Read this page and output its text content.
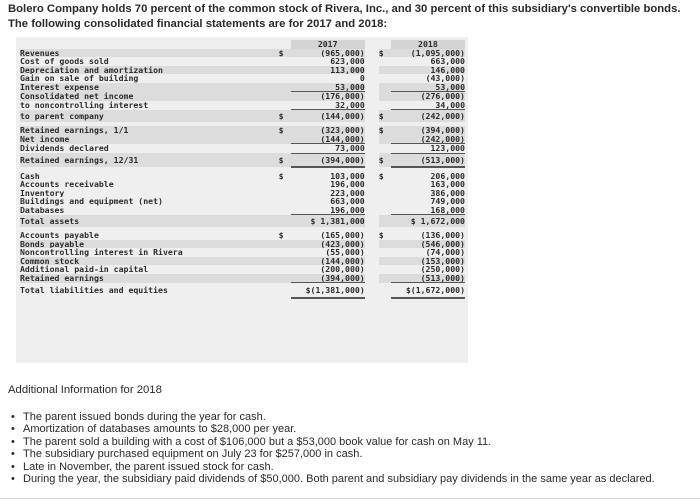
Bolero Company holds 70 percent of the common stock of Rivera, Inc., and 30 percent of this subsidiary's convertible bonds. The following consolidated financial statements are for 2017 and 2018:
		2017			2018
Revenues	$	(965,000)		$	(1,095,000)
Cost of goods sold		623,000			663,000
Depreciation and amortization		113,000			146,000
Gain on sale of building		0			(43,000)
Interest expense		53,000			53,000
Consolidated net income		(176,000)			(276,000)
to noncontrolling interest		32,000			34,000
to parent company	$	(144,000)		$	(242,000)

Retained earnings, 1/1	$	(323,000)		$	(394,000)
Net income		(144,000)			(242,000)
Dividends declared		73,000			123,000
Retained earnings, 12/31	$	(394,000)		$	(513,000)

Cash	$	103,000		$	206,000
Accounts receivable		196,000			163,000
Inventory		223,000			386,000
Buildings and equipment (net)		663,000			749,000
Databases		196,000			168,000
Total assets		$ 1,381,000			$ 1,672,000

Accounts payable	$	(165,000)		$	(136,000)
Bonds payable		(423,000)			(546,000)
Noncontrolling interest in Rivera		(55,000)			(74,000)
Common stock		(144,000)			(153,000)
Additional paid-in capital		(200,000)			(250,000)
Retained earnings		(394,000)			(513,000)
Total liabilities and equities		$(1,381,000)			$(1,672,000)
Additional Information for 2018
• The parent issued bonds during the year for cash.
• Amortization of databases amounts to $28,000 per year.
• The parent sold a building with a cost of $106,000 but a $53,000 book value for cash on May 11.
• The subsidiary purchased equipment on July 23 for $257,000 in cash.
• Late in November, the parent issued stock for cash.
• During the year, the subsidiary paid dividends of $50,000. Both parent and subsidiary pay dividends in the same year as declared.
